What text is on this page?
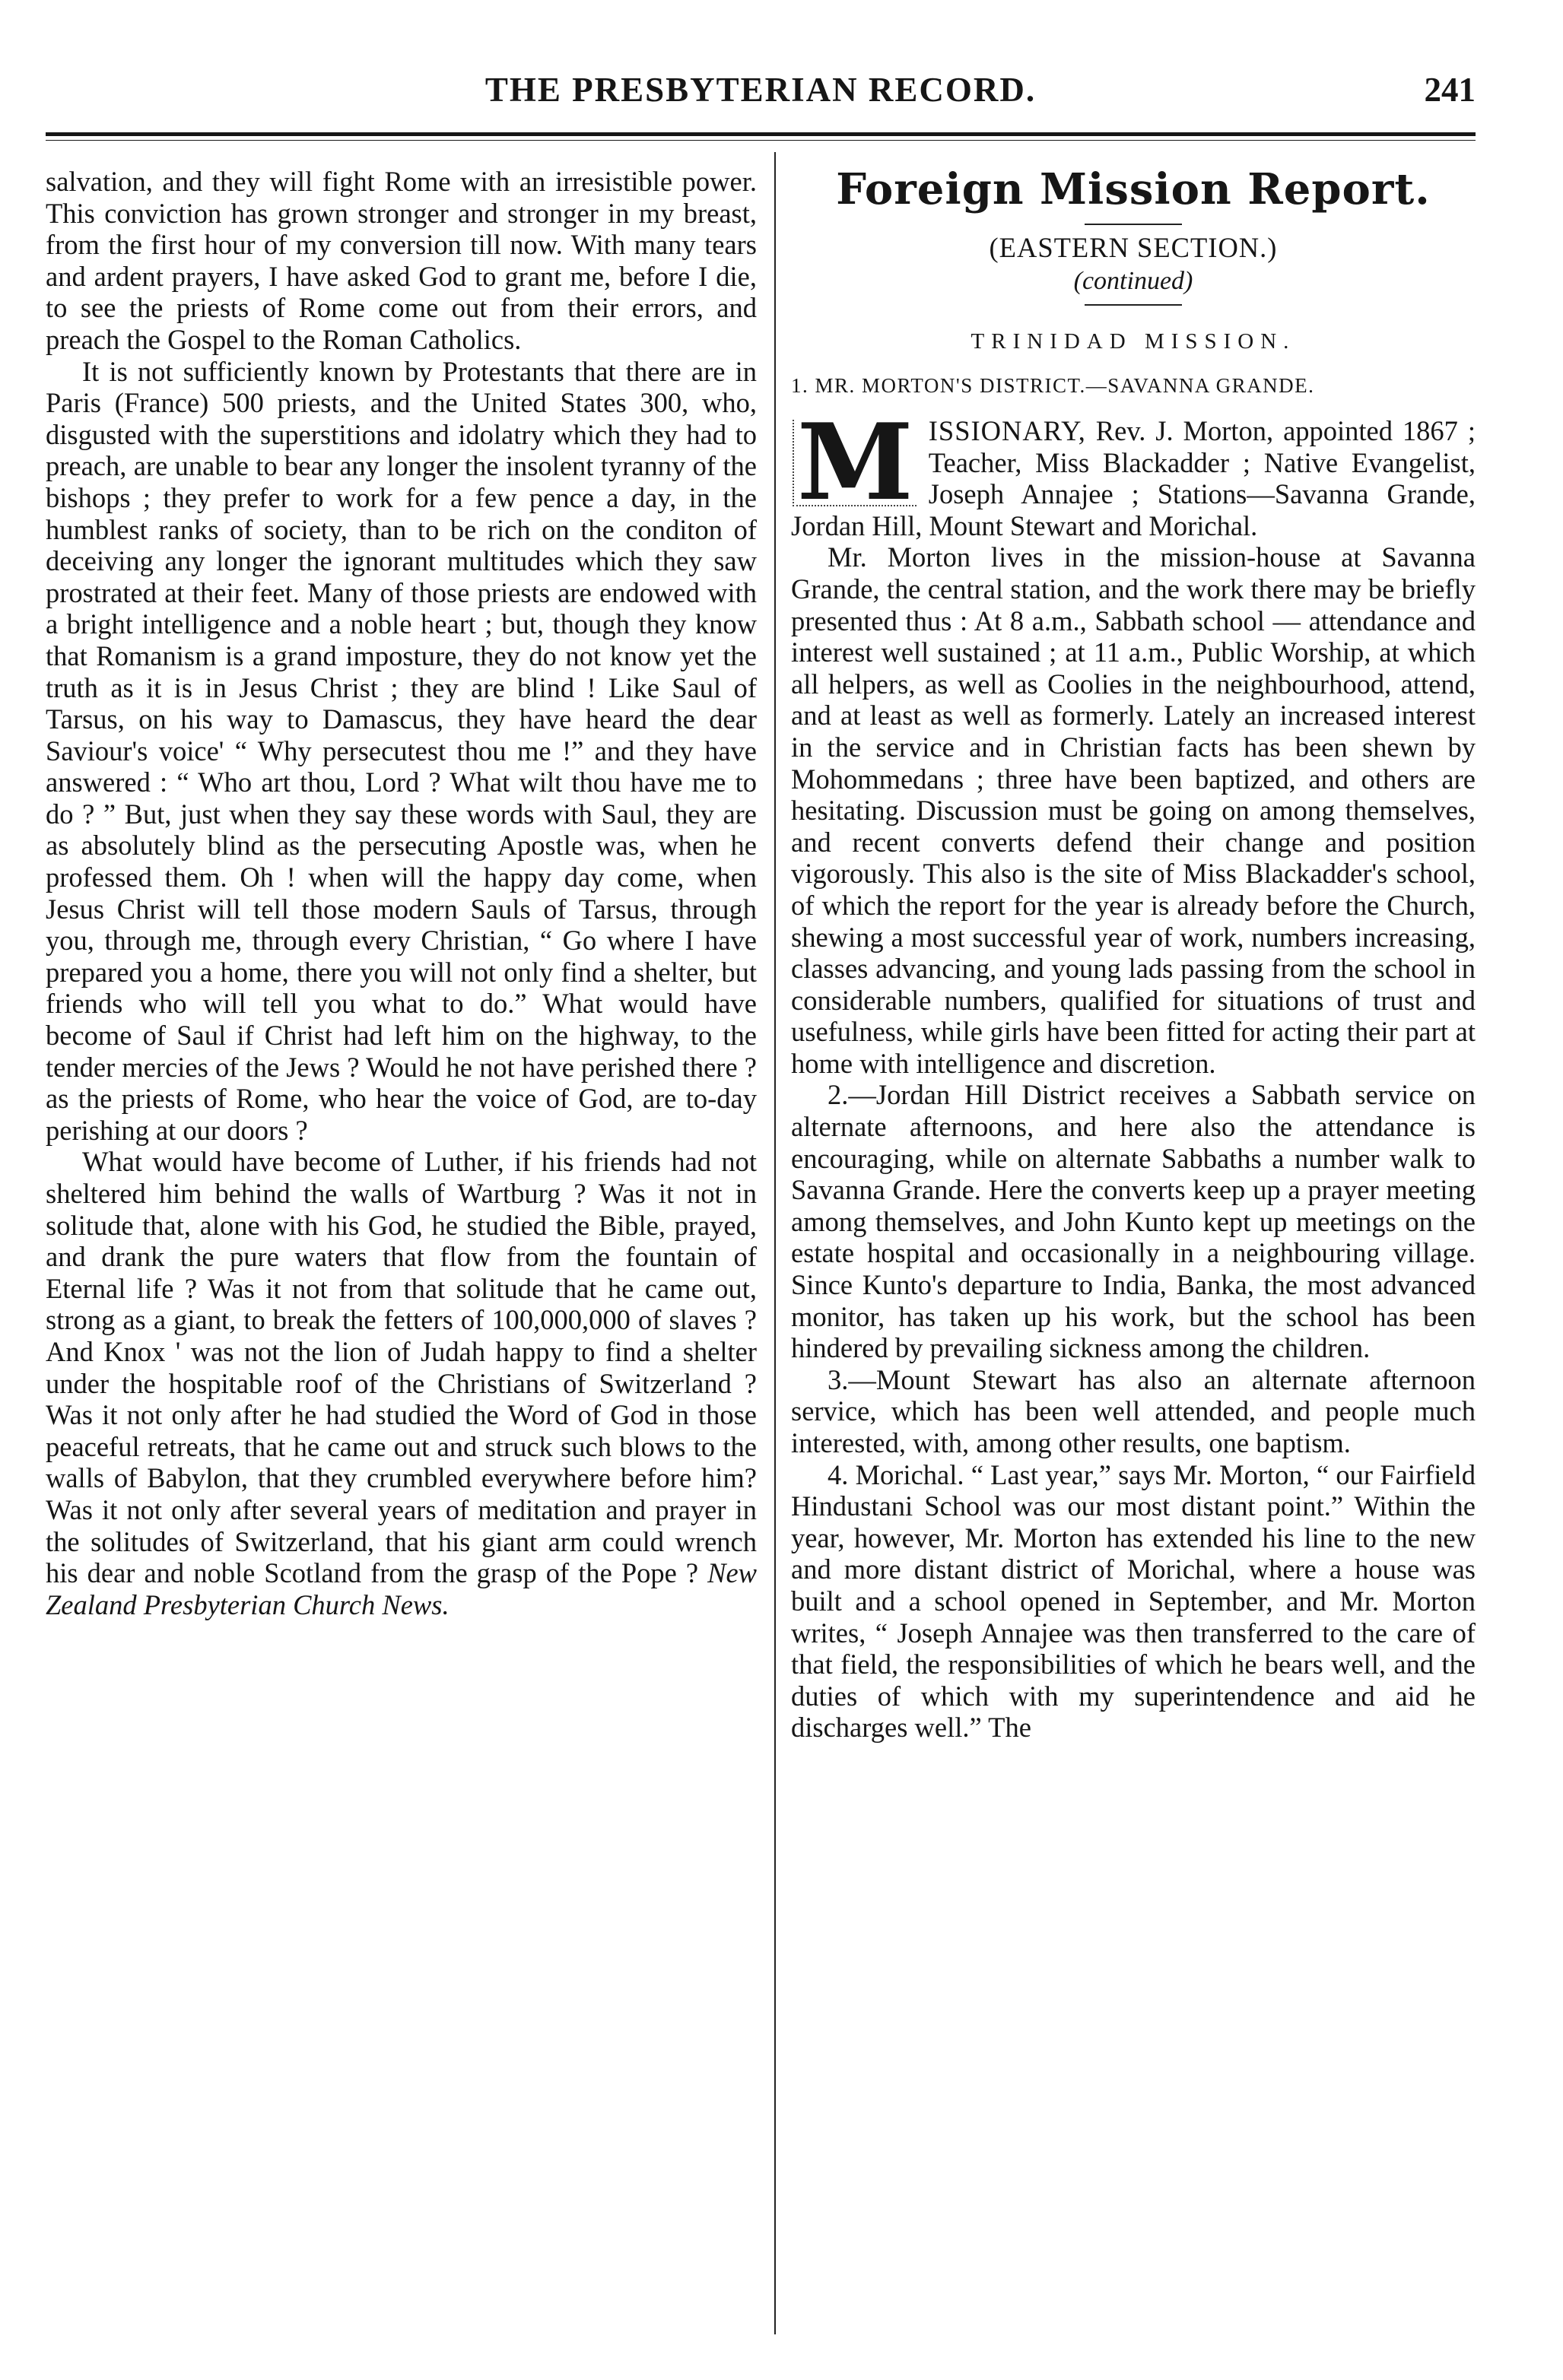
THE PRESBYTERIAN RECORD.	241

salvation, and they will fight Rome with an irresistible power. This conviction has grown stronger and stronger in my breast, from the first hour of my conversion till now. With many tears and ardent prayers, I have asked God to grant me, before I die, to see the priests of Rome come out from their errors, and preach the Gospel to the Roman Catholics.

It is not sufficiently known by Protestants that there are in Paris (France) 500 priests, and the United States 300, who, disgusted with the superstitions and idolatry which they had to preach, are unable to bear any longer the insolent tyranny of the bishops ; they prefer to work for a few pence a day, in the humblest ranks of society, than to be rich on the conditon of deceiving any longer the ignorant multitudes which they saw prostrated at their feet. Many of those priests are endowed with a bright intelligence and a noble heart ; but, though they know that Romanism is a grand imposture, they do not know yet the truth as it is in Jesus Christ ; they are blind ! Like Saul of Tarsus, on his way to Damascus, they have heard the dear Saviour's voice' “ Why persecutest thou me !” and they have answered : “ Who art thou, Lord ? What wilt thou have me to do ? ” But, just when they say these words with Saul, they are as absolutely blind as the persecuting Apostle was, when he professed them. Oh ! when will the happy day come, when Jesus Christ will tell those modern Sauls of Tarsus, through you, through me, through every Christian, “ Go where I have prepared you a home, there you will not only find a shelter, but friends who will tell you what to do.” What would have become of Saul if Christ had left him on the highway, to the tender mercies of the Jews ? Would he not have perished there ? as the priests of Rome, who hear the voice of God, are to-day perishing at our doors ?

What would have become of Luther, if his friends had not sheltered him behind the walls of Wartburg ? Was it not in solitude that, alone with his God, he studied the Bible, prayed, and drank the pure waters that flow from the fountain of Eternal life ? Was it not from that solitude that he came out, strong as a giant, to break the fetters of 100,000,000 of slaves ? And Knox ' was not the lion of Judah happy to find a shelter under the hospitable roof of the Christians of Switzerland ? Was it not only after he had studied the Word of God in those peaceful retreats, that he came out and struck such blows to the walls of Babylon, that they crumbled everywhere before him? Was it not only after several years of meditation and prayer in the solitudes of Switzerland, that his giant arm could wrench his dear and noble Scotland from the grasp of the Pope ? New Zealand Presbyterian Church News.

Foreign Mission Report.
(EASTERN SECTION.)
(continued)
TRINIDAD MISSION.
1. MR. MORTON'S DISTRICT.—SAVANNA GRANDE.

M ISSIONARY, Rev. J. Morton, appointed 1867 ; Teacher, Miss Blackadder ; Native Evangelist, Joseph Annajee ; Stations—Savanna Grande, Jordan Hill, Mount Stewart and Morichal.

Mr. Morton lives in the mission-house at Savanna Grande, the central station, and the work there may be briefly presented thus : At 8 a.m., Sabbath school — attendance and interest well sustained ; at 11 a.m., Public Worship, at which all helpers, as well as Coolies in the neighbourhood, attend, and at least as well as formerly. Lately an increased interest in the service and in Christian facts has been shewn by Mohommedans ; three have been baptized, and others are hesitating. Discussion must be going on among themselves, and recent converts defend their change and position vigorously. This also is the site of Miss Blackadder's school, of which the report for the year is already before the Church, shewing a most successful year of work, numbers increasing, classes advancing, and young lads passing from the school in considerable numbers, qualified for situations of trust and usefulness, while girls have been fitted for acting their part at home with intelligence and discretion.

2.—Jordan Hill District receives a Sabbath service on alternate afternoons, and here also the attendance is encouraging, while on alternate Sabbaths a number walk to Savanna Grande. Here the converts keep up a prayer meeting among themselves, and John Kunto kept up meetings on the estate hospital and occasionally in a neighbouring village. Since Kunto's departure to India, Banka, the most advanced monitor, has taken up his work, but the school has been hindered by prevailing sickness among the children.

3.—Mount Stewart has also an alternate afternoon service, which has been well attended, and people much interested, with, among other results, one baptism.

4. Morichal. “ Last year,” says Mr. Morton, “ our Fairfield Hindustani School was our most distant point.” Within the year, however, Mr. Morton has extended his line to the new and more distant district of Morichal, where a house was built and a school opened in September, and Mr. Morton writes, “ Joseph Annajee was then transferred to the care of that field, the responsibilities of which he bears well, and the duties of which with my superintendence and aid he discharges well.” The
